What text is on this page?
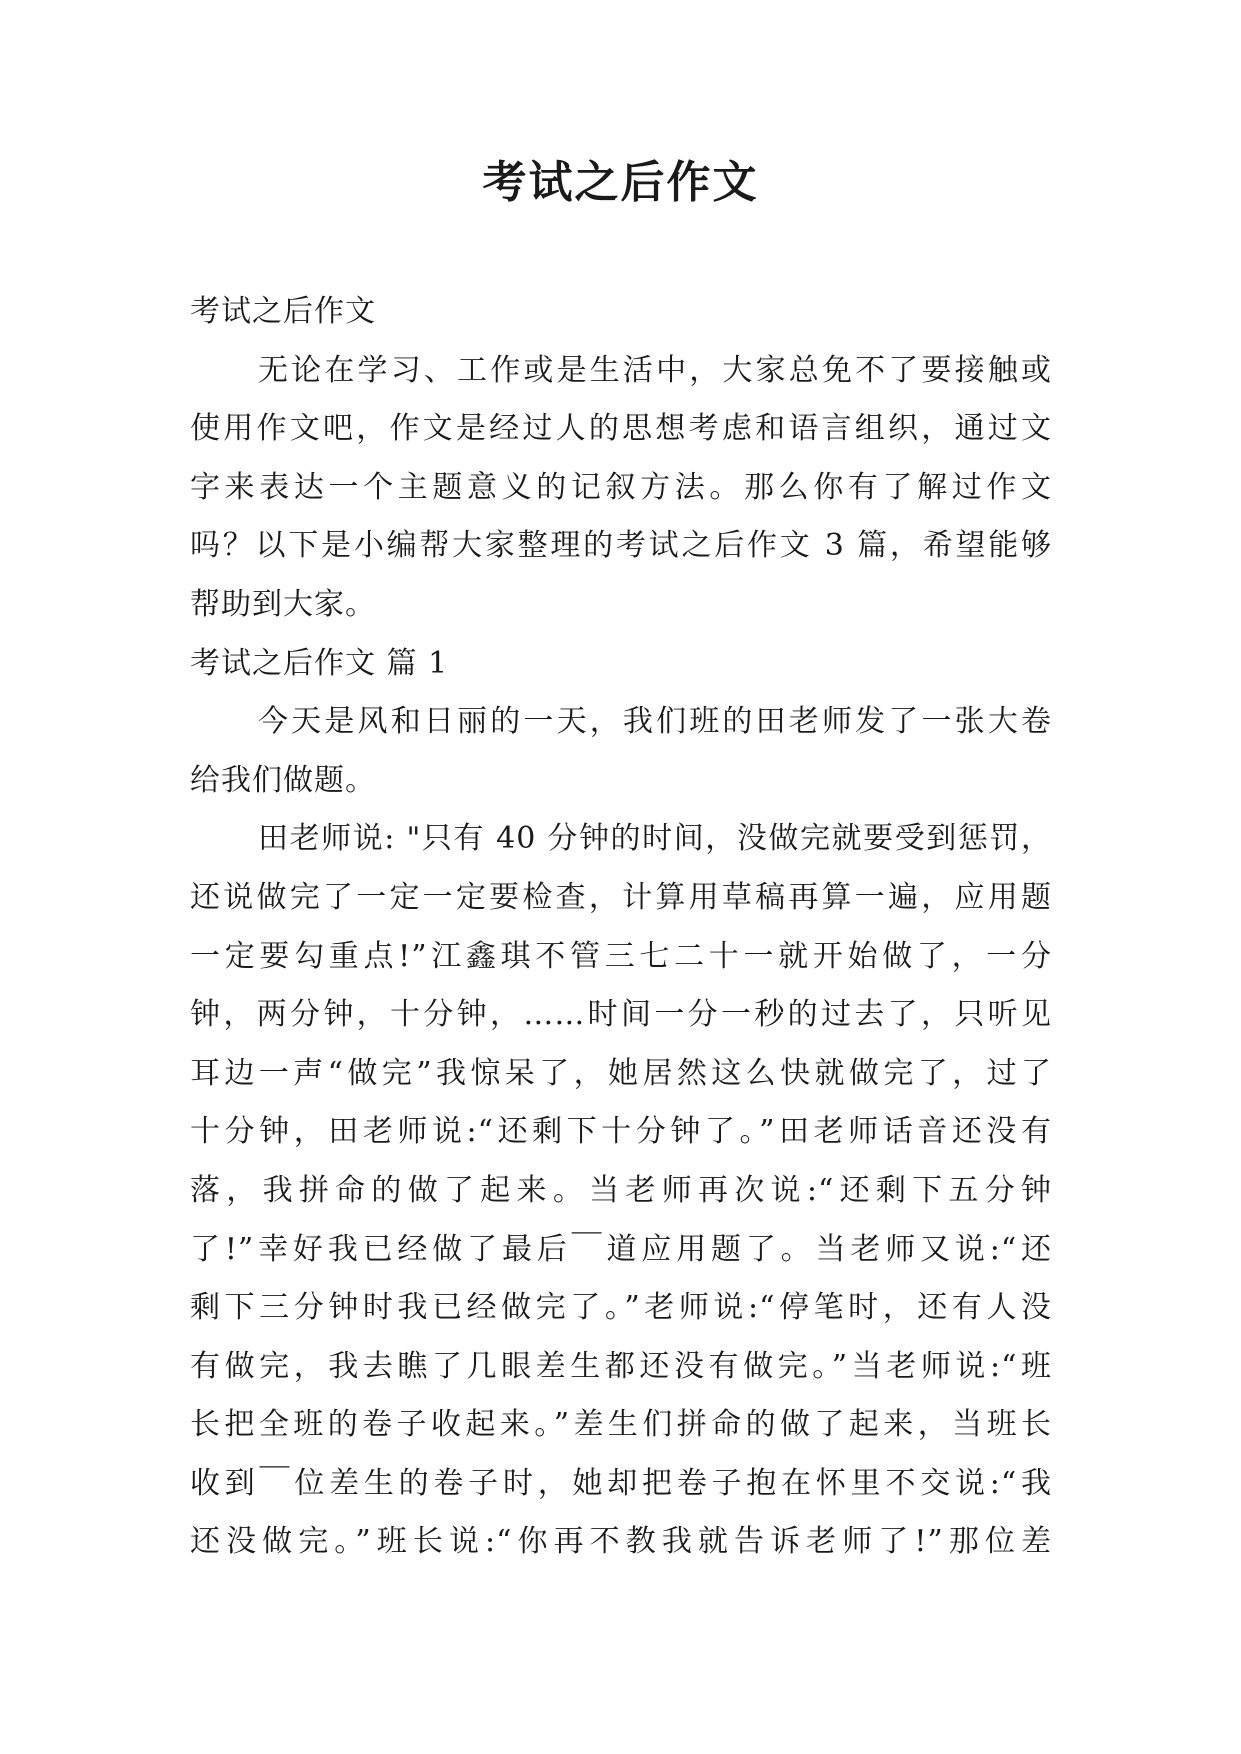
考试之后作文
考试之后作文
无论在学习、工作或是生活中，大家总免不了要接触或
使用作文吧，作文是经过人的思想考虑和语言组织，通过文
字来表达一个主题意义的记叙方法。那么你有了解过作文
吗？以下是小编帮大家整理的考试之后作文 3 篇，希望能够
帮助到大家。
考试之后作文 篇 1
今天是风和日丽的一天，我们班的田老师发了一张大卷
给我们做题。
田老师说: "只有 40 分钟的时间，没做完就要受到惩罚，
还说做完了一定一定要检查，计算用草稿再算一遍，应用题
一定要勾重点!”江鑫琪不管三七二十一就开始做了，一分
钟，两分钟，十分钟，……时间一分一秒的过去了，只听见
耳边一声“做完”我惊呆了，她居然这么快就做完了，过了
十分钟，田老师说:“还剩下十分钟了。”田老师话音还没有
落，我拼命的做了起来。当老师再次说:“还剩下五分钟
了!”幸好我已经做了最后￣道应用题了。当老师又说:“还
剩下三分钟时我已经做完了。”老师说:“停笔时，还有人没
有做完，我去瞧了几眼差生都还没有做完。”当老师说:“班
长把全班的卷子收起来。”差生们拼命的做了起来，当班长
收到￣位差生的卷子时，她却把卷子抱在怀里不交说:“我
还没做完。”班长说:“你再不教我就告诉老师了!”那位差
